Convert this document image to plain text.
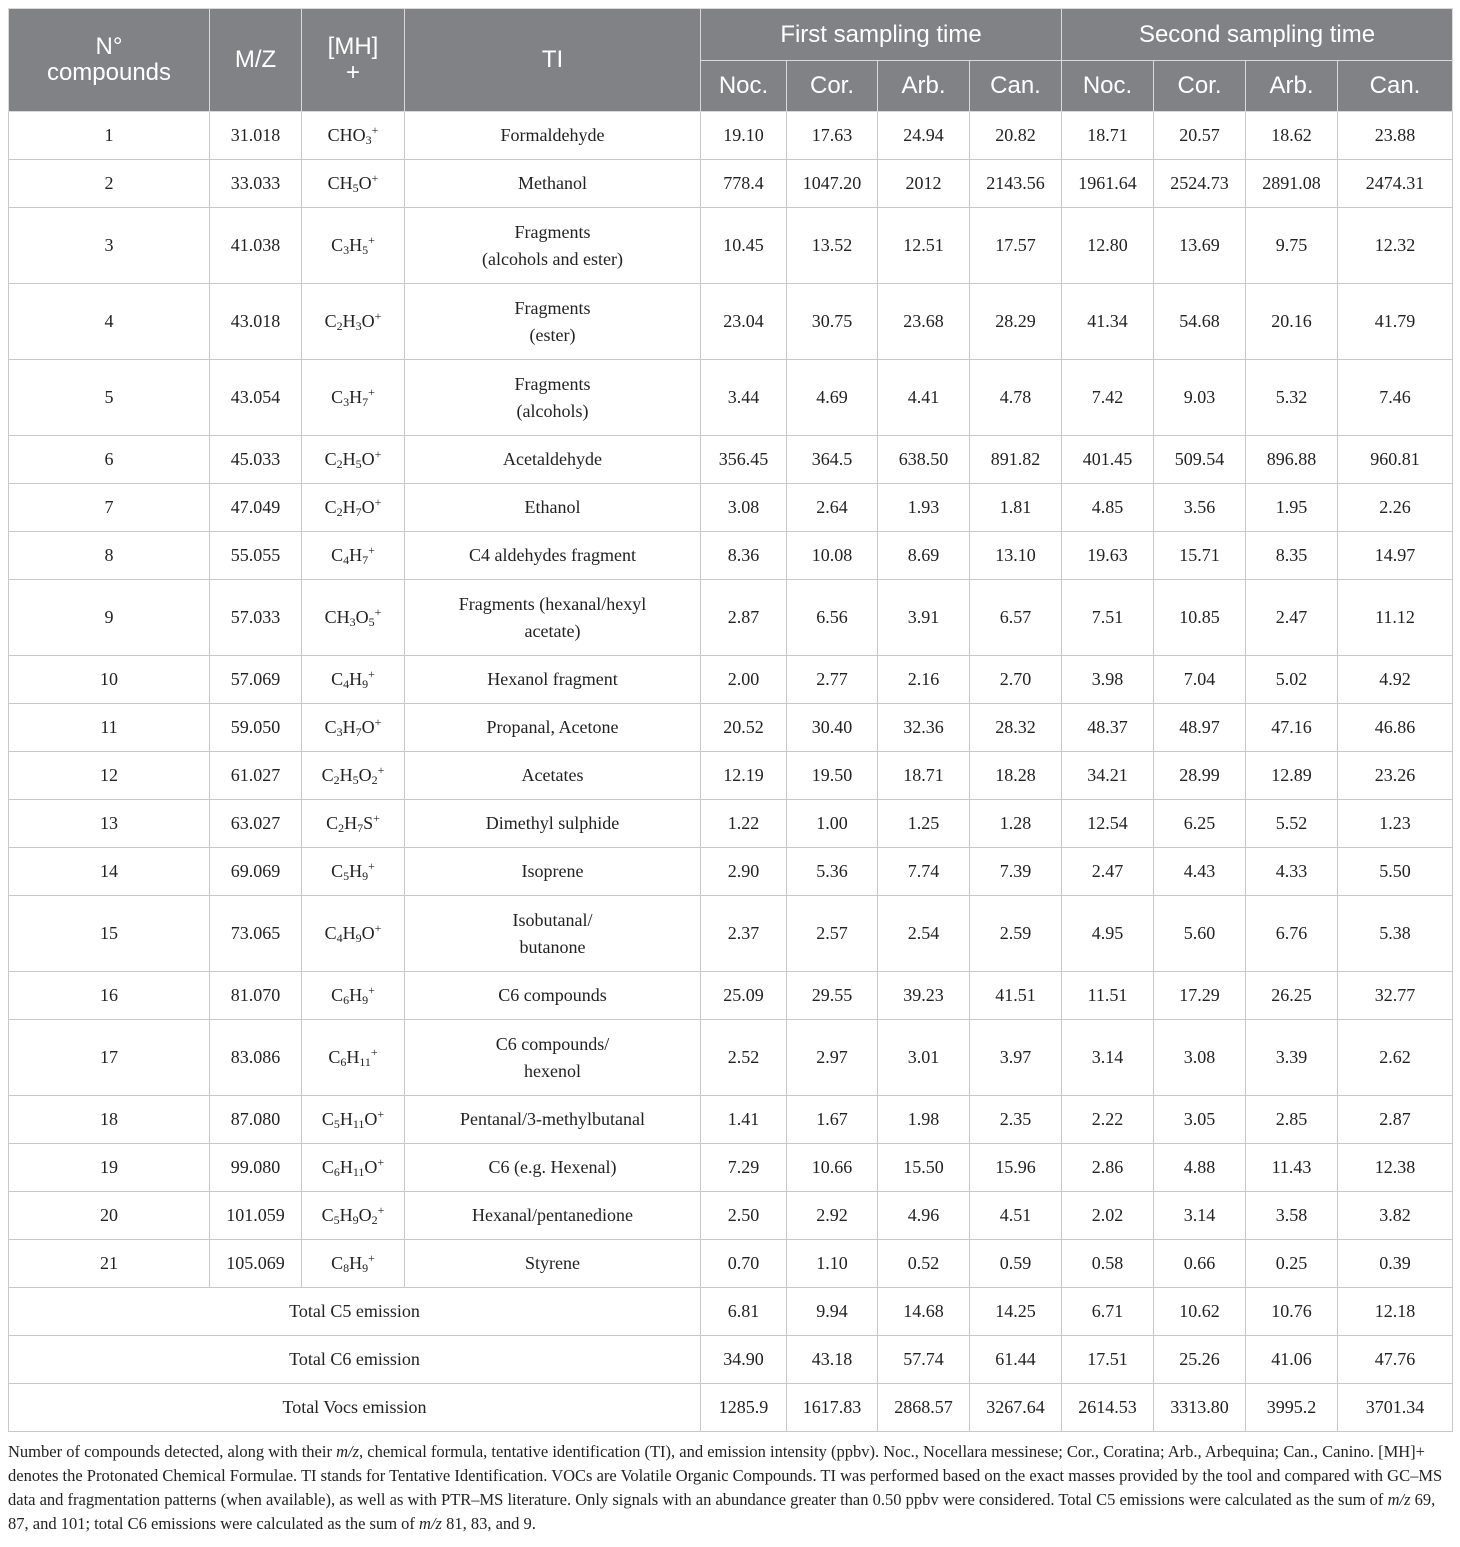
N° compounds	M/Z	[MH] +	TI	First sampling time				Second sampling time			
				Noc.	Cor.	Arb.	Can.	Noc.	Cor.	Arb.	Can.
1	31.018	$CHO_3^+$	Formaldehyde	19.10	17.63	24.94	20.82	18.71	20.57	18.62	23.88
2	33.033	$CH_5O^+$	Methanol	778.4	1047.20	2012	2143.56	1961.64	2524.73	2891.08	2474.31
3	41.038	$C_3H_5^+$	Fragments
(alcohols and ester)	10.45	13.52	12.51	17.57	12.80	13.69	9.75	12.32
4	43.018	$C_2H_3O^+$	Fragments
(ester)	23.04	30.75	23.68	28.29	41.34	54.68	20.16	41.79
5	43.054	$C_3H_7^+$	Fragments
(alcohols)	3.44	4.69	4.41	4.78	7.42	9.03	5.32	7.46
6	45.033	$C_2H_5O^+$	Acetaldehyde	356.45	364.5	638.50	891.82	401.45	509.54	896.88	960.81
7	47.049	$C_2H_7O^+$	Ethanol	3.08	2.64	1.93	1.81	4.85	3.56	1.95	2.26
8	55.055	$C_4H_7^+$	C4 aldehydes fragment	8.36	10.08	8.69	13.10	19.63	15.71	8.35	14.97
9	57.033	$CH_3O_5^+$	Fragments (hexanal/hexyl
acetate)	2.87	6.56	3.91	6.57	7.51	10.85	2.47	11.12
10	57.069	$C_4H_9^+$	Hexanol fragment	2.00	2.77	2.16	2.70	3.98	7.04	5.02	4.92
11	59.050	$C_3H_7O^+$	Propanal, Acetone	20.52	30.40	32.36	28.32	48.37	48.97	47.16	46.86
12	61.027	$C_2H_5O_2^+$	Acetates	12.19	19.50	18.71	18.28	34.21	28.99	12.89	23.26
13	63.027	$C_2H_7S^+$	Dimethyl sulphide	1.22	1.00	1.25	1.28	12.54	6.25	5.52	1.23
14	69.069	$C_5H_9^+$	Isoprene	2.90	5.36	7.74	7.39	2.47	4.43	4.33	5.50
15	73.065	$C_4H_9O^+$	Isobutanal/
butanone	2.37	2.57	2.54	2.59	4.95	5.60	6.76	5.38
16	81.070	$C_6H_9^+$	C6 compounds	25.09	29.55	39.23	41.51	11.51	17.29	26.25	32.77
17	83.086	$C_6H_{11}^+$	C6 compounds/
hexenol	2.52	2.97	3.01	3.97	3.14	3.08	3.39	2.62
18	87.080	$C_5H_{11}O^+$	Pentanal/3-methylbutanal	1.41	1.67	1.98	2.35	2.22	3.05	2.85	2.87
19	99.080	$C_6H_{11}O^+$	C6 (e.g. Hexenal)	7.29	10.66	15.50	15.96	2.86	4.88	11.43	12.38
20	101.059	$C_5H_9O_2^+$	Hexanal/pentanedione	2.50	2.92	4.96	4.51	2.02	3.14	3.58	3.82
21	105.069	$C_8H_9^+$	Styrene	0.70	1.10	0.52	0.59	0.58	0.66	0.25	0.39
Total C5 emission				6.81	9.94	14.68	14.25	6.71	10.62	10.76	12.18
Total C6 emission				34.90	43.18	57.74	61.44	17.51	25.26	41.06	47.76
Total Vocs emission				1285.9	1617.83	2868.57	3267.64	2614.53	3313.80	3995.2	3701.34
Number of compounds detected, along with their m/z, chemical formula, tentative identification (TI), and emission intensity (ppbv). Noc., Nocellara messinese; Cor., Coratina; Arb., Arbequina; Can., Canino. [MH]+ denotes the Protonated Chemical Formulae. TI stands for Tentative Identification. VOCs are Volatile Organic Compounds. TI was performed based on the exact masses provided by the tool and compared with GC–MS data and fragmentation patterns (when available), as well as with PTR–MS literature. Only signals with an abundance greater than 0.50 ppbv were considered. Total C5 emissions were calculated as the sum of m/z 69, 87, and 101; total C6 emissions were calculated as the sum of m/z 81, 83, and 9.
